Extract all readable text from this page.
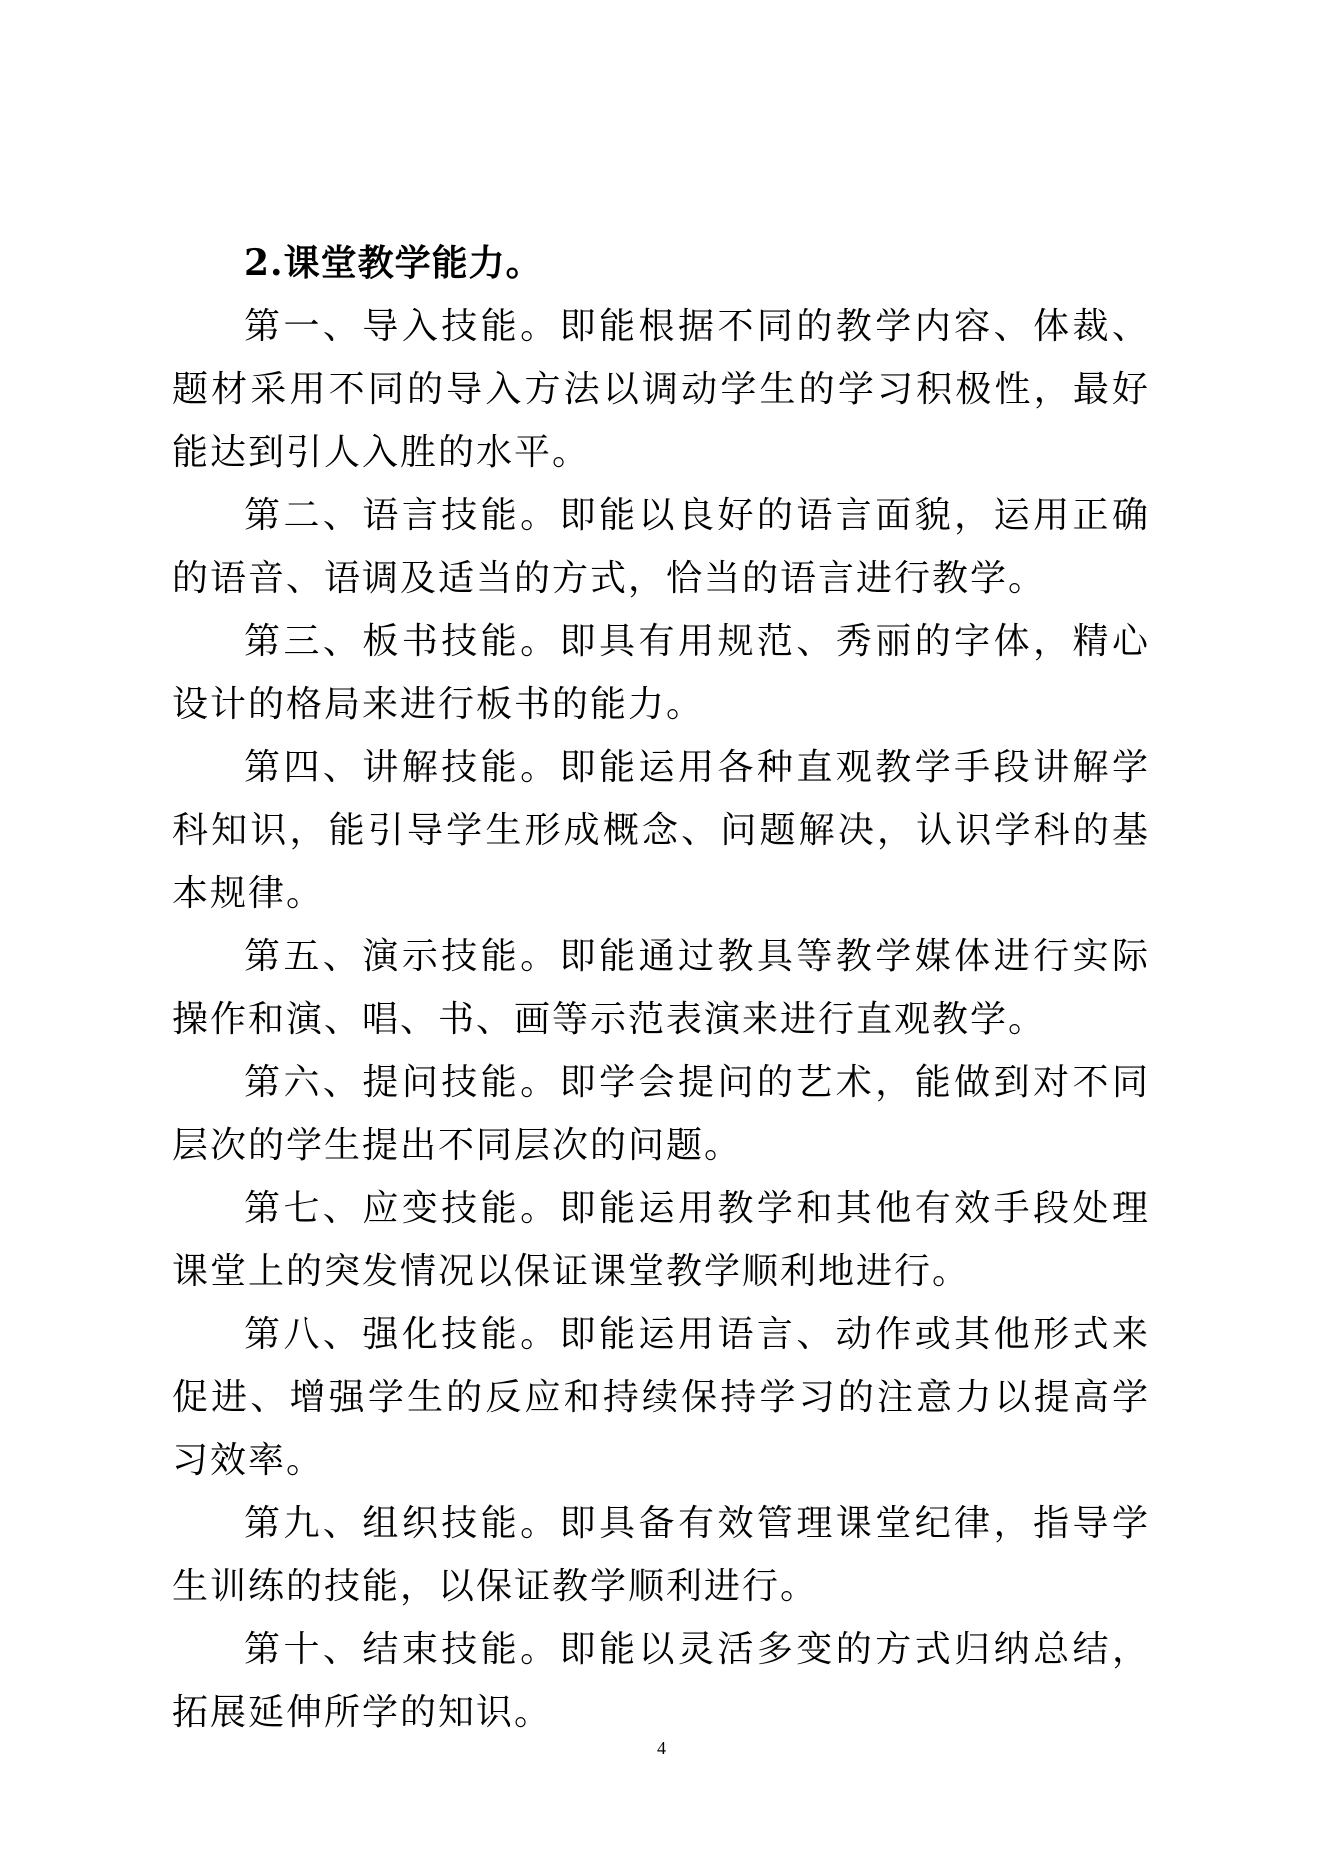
2.课堂教学能力。

第一、导入技能。即能根据不同的教学内容、体裁、题材采用不同的导入方法以调动学生的学习积极性，最好能达到引人入胜的水平。

第二、语言技能。即能以良好的语言面貌，运用正确的语音、语调及适当的方式，恰当的语言进行教学。

第三、板书技能。即具有用规范、秀丽的字体，精心设计的格局来进行板书的能力。

第四、讲解技能。即能运用各种直观教学手段讲解学科知识，能引导学生形成概念、问题解决，认识学科的基本规律。

第五、演示技能。即能通过教具等教学媒体进行实际操作和演、唱、书、画等示范表演来进行直观教学。

第六、提问技能。即学会提问的艺术，能做到对不同层次的学生提出不同层次的问题。

第七、应变技能。即能运用教学和其他有效手段处理课堂上的突发情况以保证课堂教学顺利地进行。

第八、强化技能。即能运用语言、动作或其他形式来促进、增强学生的反应和持续保持学习的注意力以提高学习效率。

第九、组织技能。即具备有效管理课堂纪律，指导学生训练的技能，以保证教学顺利进行。

第十、结束技能。即能以灵活多变的方式归纳总结，拓展延伸所学的知识。

4
